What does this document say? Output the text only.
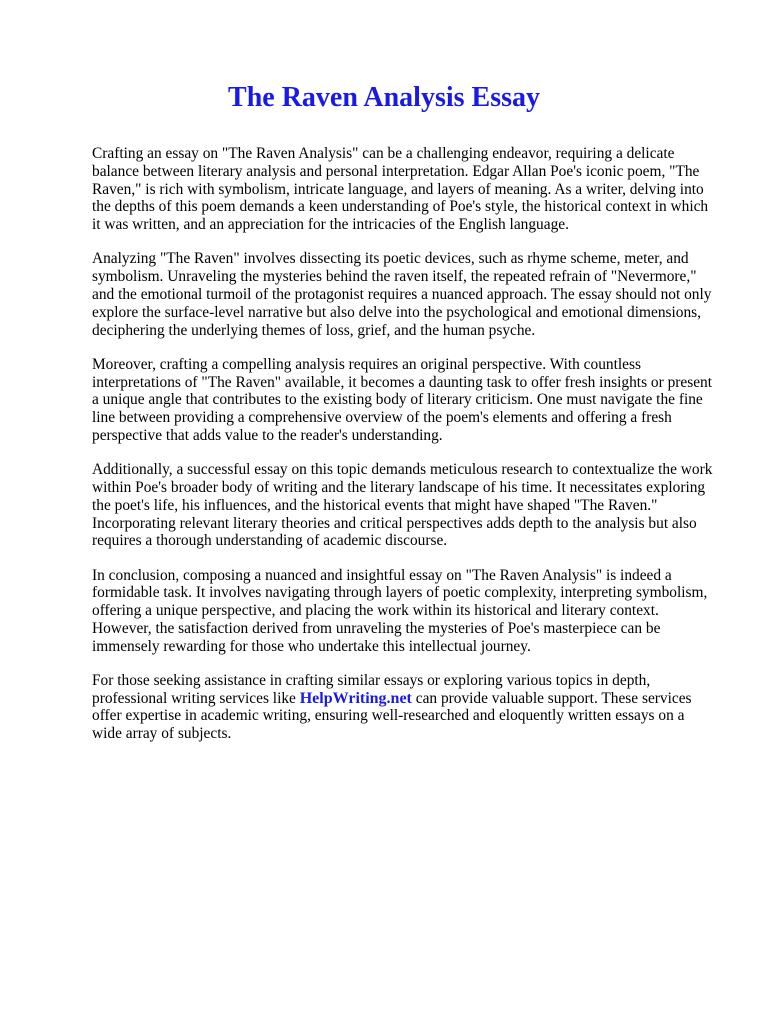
The Raven Analysis Essay

Crafting an essay on "The Raven Analysis" can be a challenging endeavor, requiring a delicate
balance between literary analysis and personal interpretation. Edgar Allan Poe's iconic poem, "The
Raven," is rich with symbolism, intricate language, and layers of meaning. As a writer, delving into
the depths of this poem demands a keen understanding of Poe's style, the historical context in which
it was written, and an appreciation for the intricacies of the English language.

Analyzing "The Raven" involves dissecting its poetic devices, such as rhyme scheme, meter, and
symbolism. Unraveling the mysteries behind the raven itself, the repeated refrain of "Nevermore,"
and the emotional turmoil of the protagonist requires a nuanced approach. The essay should not only
explore the surface-level narrative but also delve into the psychological and emotional dimensions,
deciphering the underlying themes of loss, grief, and the human psyche.

Moreover, crafting a compelling analysis requires an original perspective. With countless
interpretations of "The Raven" available, it becomes a daunting task to offer fresh insights or present
a unique angle that contributes to the existing body of literary criticism. One must navigate the fine
line between providing a comprehensive overview of the poem's elements and offering a fresh
perspective that adds value to the reader's understanding.

Additionally, a successful essay on this topic demands meticulous research to contextualize the work
within Poe's broader body of writing and the literary landscape of his time. It necessitates exploring
the poet's life, his influences, and the historical events that might have shaped "The Raven."
Incorporating relevant literary theories and critical perspectives adds depth to the analysis but also
requires a thorough understanding of academic discourse.

In conclusion, composing a nuanced and insightful essay on "The Raven Analysis" is indeed a
formidable task. It involves navigating through layers of poetic complexity, interpreting symbolism,
offering a unique perspective, and placing the work within its historical and literary context.
However, the satisfaction derived from unraveling the mysteries of Poe's masterpiece can be
immensely rewarding for those who undertake this intellectual journey.

For those seeking assistance in crafting similar essays or exploring various topics in depth,
professional writing services like HelpWriting.net can provide valuable support. These services
offer expertise in academic writing, ensuring well-researched and eloquently written essays on a
wide array of subjects.
